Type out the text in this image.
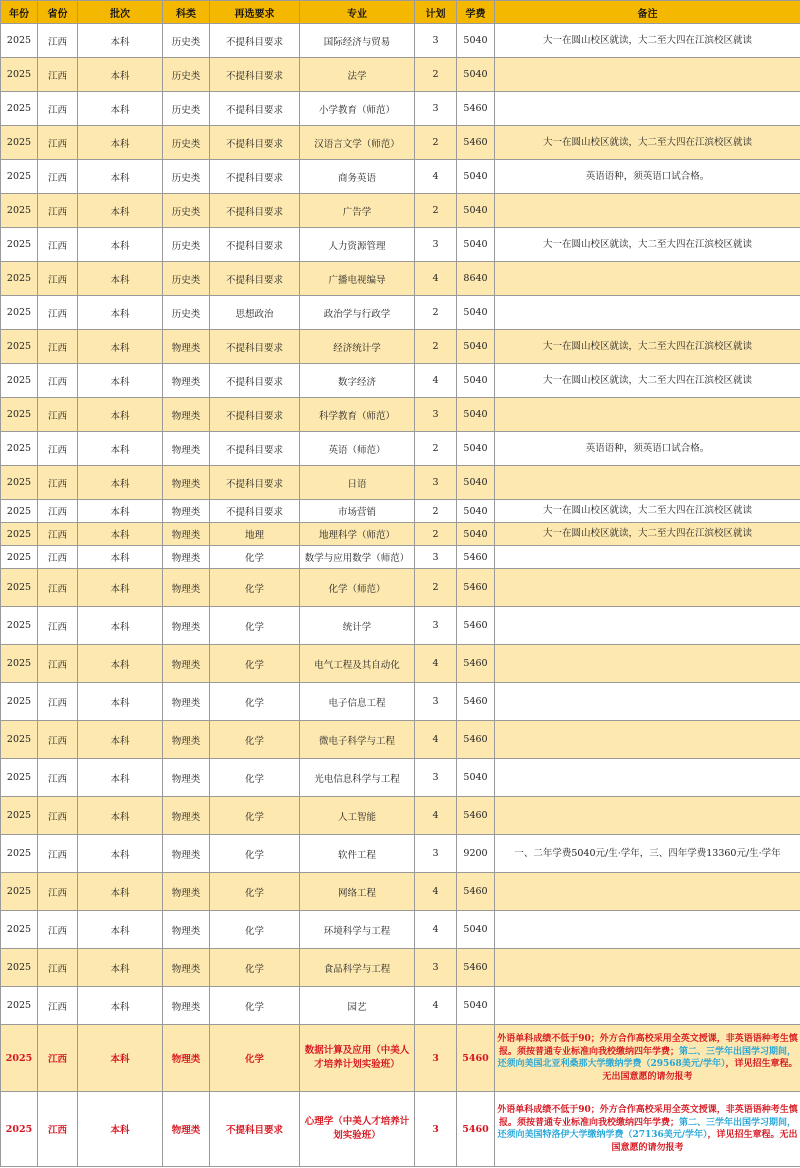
年份	省份	批次	科类	再选要求	专业	计划	学费	备注
2025	江西	本科	历史类	不提科目要求	国际经济与贸易	3	5040	大一在圆山校区就读，大二至大四在江滨校区就读
2025	江西	本科	历史类	不提科目要求	法学	2	5040	
2025	江西	本科	历史类	不提科目要求	小学教育（师范）	3	5460	
2025	江西	本科	历史类	不提科目要求	汉语言文学（师范）	2	5460	大一在圆山校区就读，大二至大四在江滨校区就读
2025	江西	本科	历史类	不提科目要求	商务英语	4	5040	英语语种，须英语口试合格。
2025	江西	本科	历史类	不提科目要求	广告学	2	5040	
2025	江西	本科	历史类	不提科目要求	人力资源管理	3	5040	大一在圆山校区就读，大二至大四在江滨校区就读
2025	江西	本科	历史类	不提科目要求	广播电视编导	4	8640	
2025	江西	本科	历史类	思想政治	政治学与行政学	2	5040	
2025	江西	本科	物理类	不提科目要求	经济统计学	2	5040	大一在圆山校区就读，大二至大四在江滨校区就读
2025	江西	本科	物理类	不提科目要求	数字经济	4	5040	大一在圆山校区就读，大二至大四在江滨校区就读
2025	江西	本科	物理类	不提科目要求	科学教育（师范）	3	5040	
2025	江西	本科	物理类	不提科目要求	英语（师范）	2	5040	英语语种，须英语口试合格。
2025	江西	本科	物理类	不提科目要求	日语	3	5040	
2025	江西	本科	物理类	不提科目要求	市场营销	2	5040	大一在圆山校区就读，大二至大四在江滨校区就读
2025	江西	本科	物理类	地理	地理科学（师范）	2	5040	大一在圆山校区就读，大二至大四在江滨校区就读
2025	江西	本科	物理类	化学	数学与应用数学（师范）	3	5460	
2025	江西	本科	物理类	化学	化学（师范）	2	5460	
2025	江西	本科	物理类	化学	统计学	3	5460	
2025	江西	本科	物理类	化学	电气工程及其自动化	4	5460	
2025	江西	本科	物理类	化学	电子信息工程	3	5460	
2025	江西	本科	物理类	化学	微电子科学与工程	4	5460	
2025	江西	本科	物理类	化学	光电信息科学与工程	3	5040	
2025	江西	本科	物理类	化学	人工智能	4	5460	
2025	江西	本科	物理类	化学	软件工程	3	9200	一、二年学费5040元/生·学年，三、四年学费13360元/生·学年
2025	江西	本科	物理类	化学	网络工程	4	5460	
2025	江西	本科	物理类	化学	环境科学与工程	4	5040	
2025	江西	本科	物理类	化学	食品科学与工程	3	5460	
2025	江西	本科	物理类	化学	园艺	4	5040	
2025	江西	本科	物理类	化学	数据计算及应用（中美人才培养计划实验班）	3	5460	外语单科成绩不低于90；外方合作高校采用全英文授课，非英语语种考生慎报。须按普通专业标准向我校缴纳四年学费；第二、三学年出国学习期间，还须向美国北亚利桑那大学缴纳学费（29568美元/学年），详见招生章程。无出国意愿的请勿报考
2025	江西	本科	物理类	不提科目要求	心理学（中美人才培养计划实验班）	3	5460	外语单科成绩不低于90；外方合作高校采用全英文授课，非英语语种考生慎报。须按普通专业标准向我校缴纳四年学费；第二、三学年出国学习期间，还须向美国特洛伊大学缴纳学费（27136美元/学年），详见招生章程。无出国意愿的请勿报考
